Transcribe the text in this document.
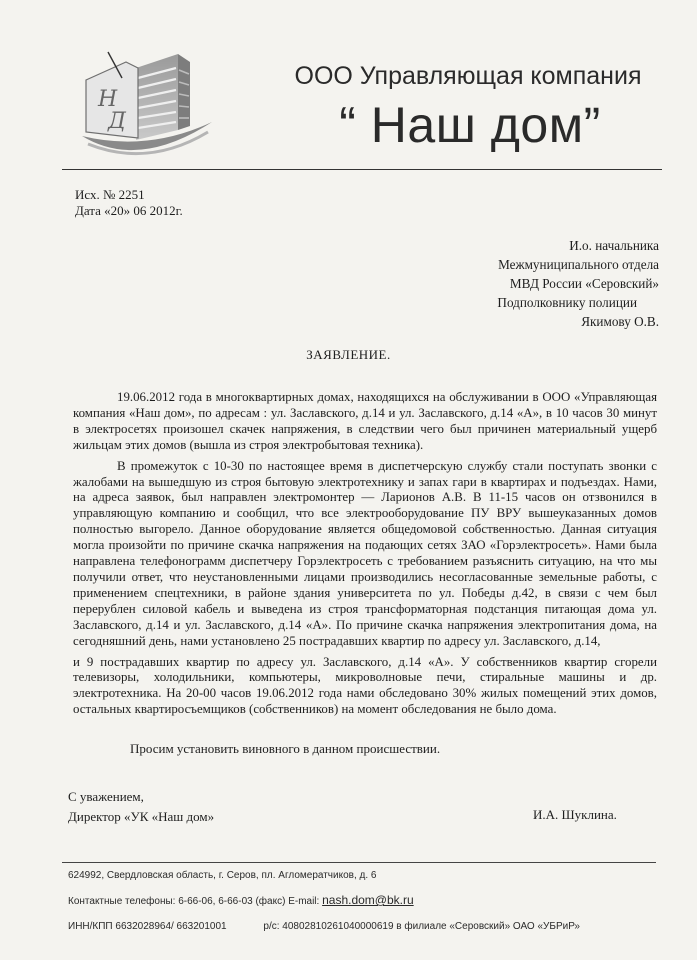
Н
Д
ООО Управляющая компания
“ Наш дом”
Исх. № 2251
Дата «20» 06 2012г.
И.о. начальника
Межмуниципального отдела
МВД России «Серовский»
Подполковнику полиции
Якимову О.В.
ЗАЯВЛЕНИЕ.

19.06.2012 года в многоквартирных домах, находящихся на обслуживании в ООО «Управляющая компания «Наш дом», по адресам : ул. Заславского, д.14 и ул. Заславского, д.14 «А», в 10 часов 30 минут в электросетях произошел скачек напряжения, в следствии чего был причинен материальный ущерб жильцам этих домов (вышла из строя электробытовая техника).

В промежуток с 10-30 по настоящее время в диспетчерскую службу стали поступать звонки с жалобами на вышедшую из строя бытовую электротехнику и запах гари в квартирах и подъездах. Нами, на адреса заявок, был направлен электромонтер — Ларионов А.В. В 11-15 часов он отзвонился в управляющую компанию и сообщил, что все электрооборудование ПУ ВРУ вышеуказанных домов полностью выгорело. Данное оборудование является общедомовой собственностью. Данная ситуация могла произойти по причине скачка напряжения на подающих сетях ЗАО «Горэлектросеть». Нами была направлена телефонограмм диспетчеру Горэлектросеть с требованием разъяснить ситуацию, на что мы получили ответ, что неустановленными лицами производились несогласованные земельные работы, с применением спецтехники, в районе здания университета по ул. Победы д.42, в связи с чем был перерублен силовой кабель и выведена из строя трансформаторная подстанция питающая дома ул. Заславского, д.14 и ул. Заславского, д.14 «А». По причине скачка напряжения электропитания дома, на сегодняшний день, нами установлено 25 пострадавших квартир по адресу ул. Заславского, д.14,

и 9 пострадавших квартир по адресу ул. Заславского, д.14 «А». У собственников квартир сгорели телевизоры, холодильники, компьютеры, микроволновые печи, стиральные машины и др. электротехника. На 20-00 часов 19.06.2012 года нами обследовано 30% жилых помещений этих домов, остальных квартиросъемщиков (собственников) на момент обследования не было дома.

Просим установить виновного в данном происшествии.
С уважением,
Директор «УК «Наш дом»	И.А. Шуклина.
624992, Свердловская область, г. Серов, пл. Агломератчиков, д. 6
Контактные телефоны: 6-66-06, 6-66-03 (факс) E-mail: nash.dom@bk.ru
ИНН/КПП 6632028964/ 663201001	р/с: 40802810261040000619 в филиале «Серовский» ОАО «УБРиР»
